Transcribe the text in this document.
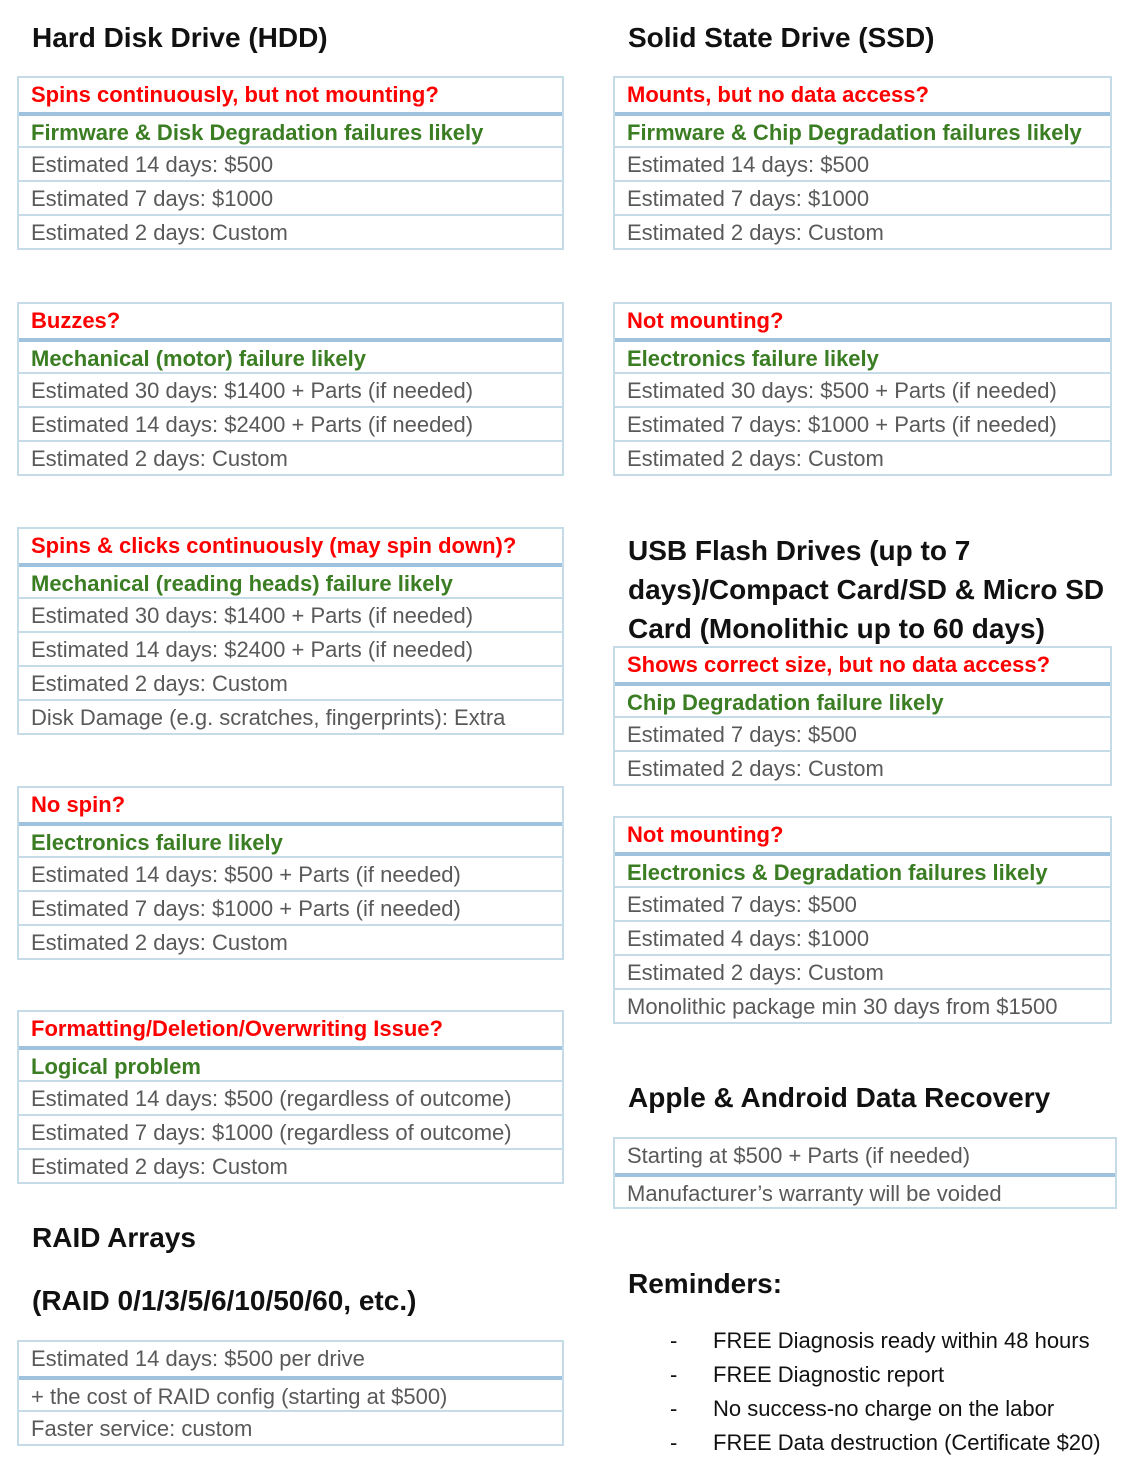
Hard Disk Drive (HDD)
Spins continuously, but not mounting?
Firmware & Disk Degradation failures likely
Estimated 14 days: $500
Estimated 7 days: $1000
Estimated 2 days: Custom
Buzzes?
Mechanical (motor) failure likely
Estimated 30 days: $1400 + Parts (if needed)
Estimated 14 days: $2400 + Parts (if needed)
Estimated 2 days: Custom
Spins & clicks continuously (may spin down)?
Mechanical (reading heads) failure likely
Estimated 30 days: $1400 + Parts (if needed)
Estimated 14 days: $2400 + Parts (if needed)
Estimated 2 days: Custom
Disk Damage (e.g. scratches, fingerprints): Extra
No spin?
Electronics failure likely
Estimated 14 days: $500 + Parts (if needed)
Estimated 7 days: $1000 + Parts (if needed)
Estimated 2 days: Custom
Formatting/Deletion/Overwriting Issue?
Logical problem
Estimated 14 days: $500 (regardless of outcome)
Estimated 7 days: $1000 (regardless of outcome)
Estimated 2 days: Custom
RAID Arrays
(RAID 0/1/3/5/6/10/50/60, etc.)
Estimated 14 days: $500 per drive
+ the cost of RAID config (starting at $500)
Faster service: custom
Solid State Drive (SSD)
Mounts, but no data access?
Firmware & Chip Degradation failures likely
Estimated 14 days: $500
Estimated 7 days: $1000
Estimated 2 days: Custom
Not mounting?
Electronics failure likely
Estimated 30 days: $500 + Parts (if needed)
Estimated 7 days: $1000 + Parts (if needed)
Estimated 2 days: Custom
USB Flash Drives (up to 7
days)/Compact Card/SD & Micro SD
Card (Monolithic up to 60 days)
Shows correct size, but no data access?
Chip Degradation failure likely
Estimated 7 days: $500
Estimated 2 days: Custom
Not mounting?
Electronics & Degradation failures likely
Estimated 7 days: $500
Estimated 4 days: $1000
Estimated 2 days: Custom
Monolithic package min 30 days from $1500
Apple & Android Data Recovery
Starting at $500 + Parts (if needed)
Manufacturer’s warranty will be voided
Reminders:
- FREE Diagnosis ready within 48 hours
- FREE Diagnostic report
- No success-no charge on the labor
- FREE Data destruction (Certificate $20)
